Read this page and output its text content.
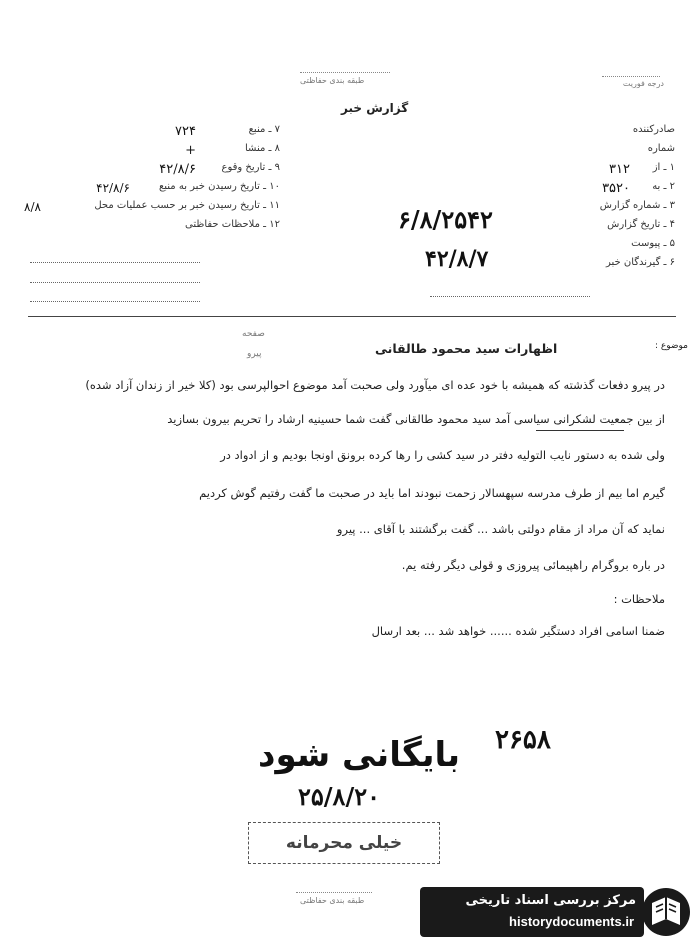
طبقه بندی حفاظتی	درجه فوریت
گزارش خبر
۷ ـ منبع
۷۲۴
۸ ـ منشا
+
۹ ـ تاریخ وقوع
۴۲/۸/۶
۱۰ ـ تاریخ رسیدن خبر به منبع
۴۲/۸/۶
۱۱ ـ تاریخ رسیدن خبر بر حسب عملیات محل
۸/۸
۱۲ ـ ملاحظات حفاظتی
صادرکننده
شماره
۱ ـ از
۳۱۲
۲ ـ به
۳۵۲۰
۳ ـ شماره گزارش
۴ ـ تاریخ گزارش
۵ ـ پیوست
۶ ـ گیرندگان خبر
۶/۸/۲۵۴۲
۴۲/۸/۷
صفحه
پیرو
موضوع :
اظهارات سید محمود طالقانی
در پیرو دفعات گذشته که همیشه با خود عده ای میآورد ولی صحبت آمد موضوع احوالپرسی بود (کلا خیر از زندان آزاد شده)
از بین جمعیت لشکرانی سیاسی آمد سید محمود طالقانی گفت شما حسینیه ارشاد را تحریم بیرون بسازید
ولی شده به دستور نایب التولیه دفتر در سید کشی را رها کرده برونق اونجا بودیم و از ادواد در
گیرم اما بیم از طرف مدرسه سپهسالار زحمت نبودند اما باید در صحبت ما گفت رفتیم گوش کردیم
نماید که آن مراد از مقام دولتی باشد ... گفت برگشتند با آقای ... پیرو
در باره بروگرام راهپیمائی پیروزی و قولی دیگر رفته یم.
ملاحظات :
ضمنا اسامی افراد دستگیر شده ...... خواهد شد ... بعد ارسال
۲۶۵۸
بایگانی شود
۲۵/۸/۲۰
خیلی محرمانه
طبقه بندی حفاظتی	مرکز بررسی اسناد تاریخی
historydocuments.ir
